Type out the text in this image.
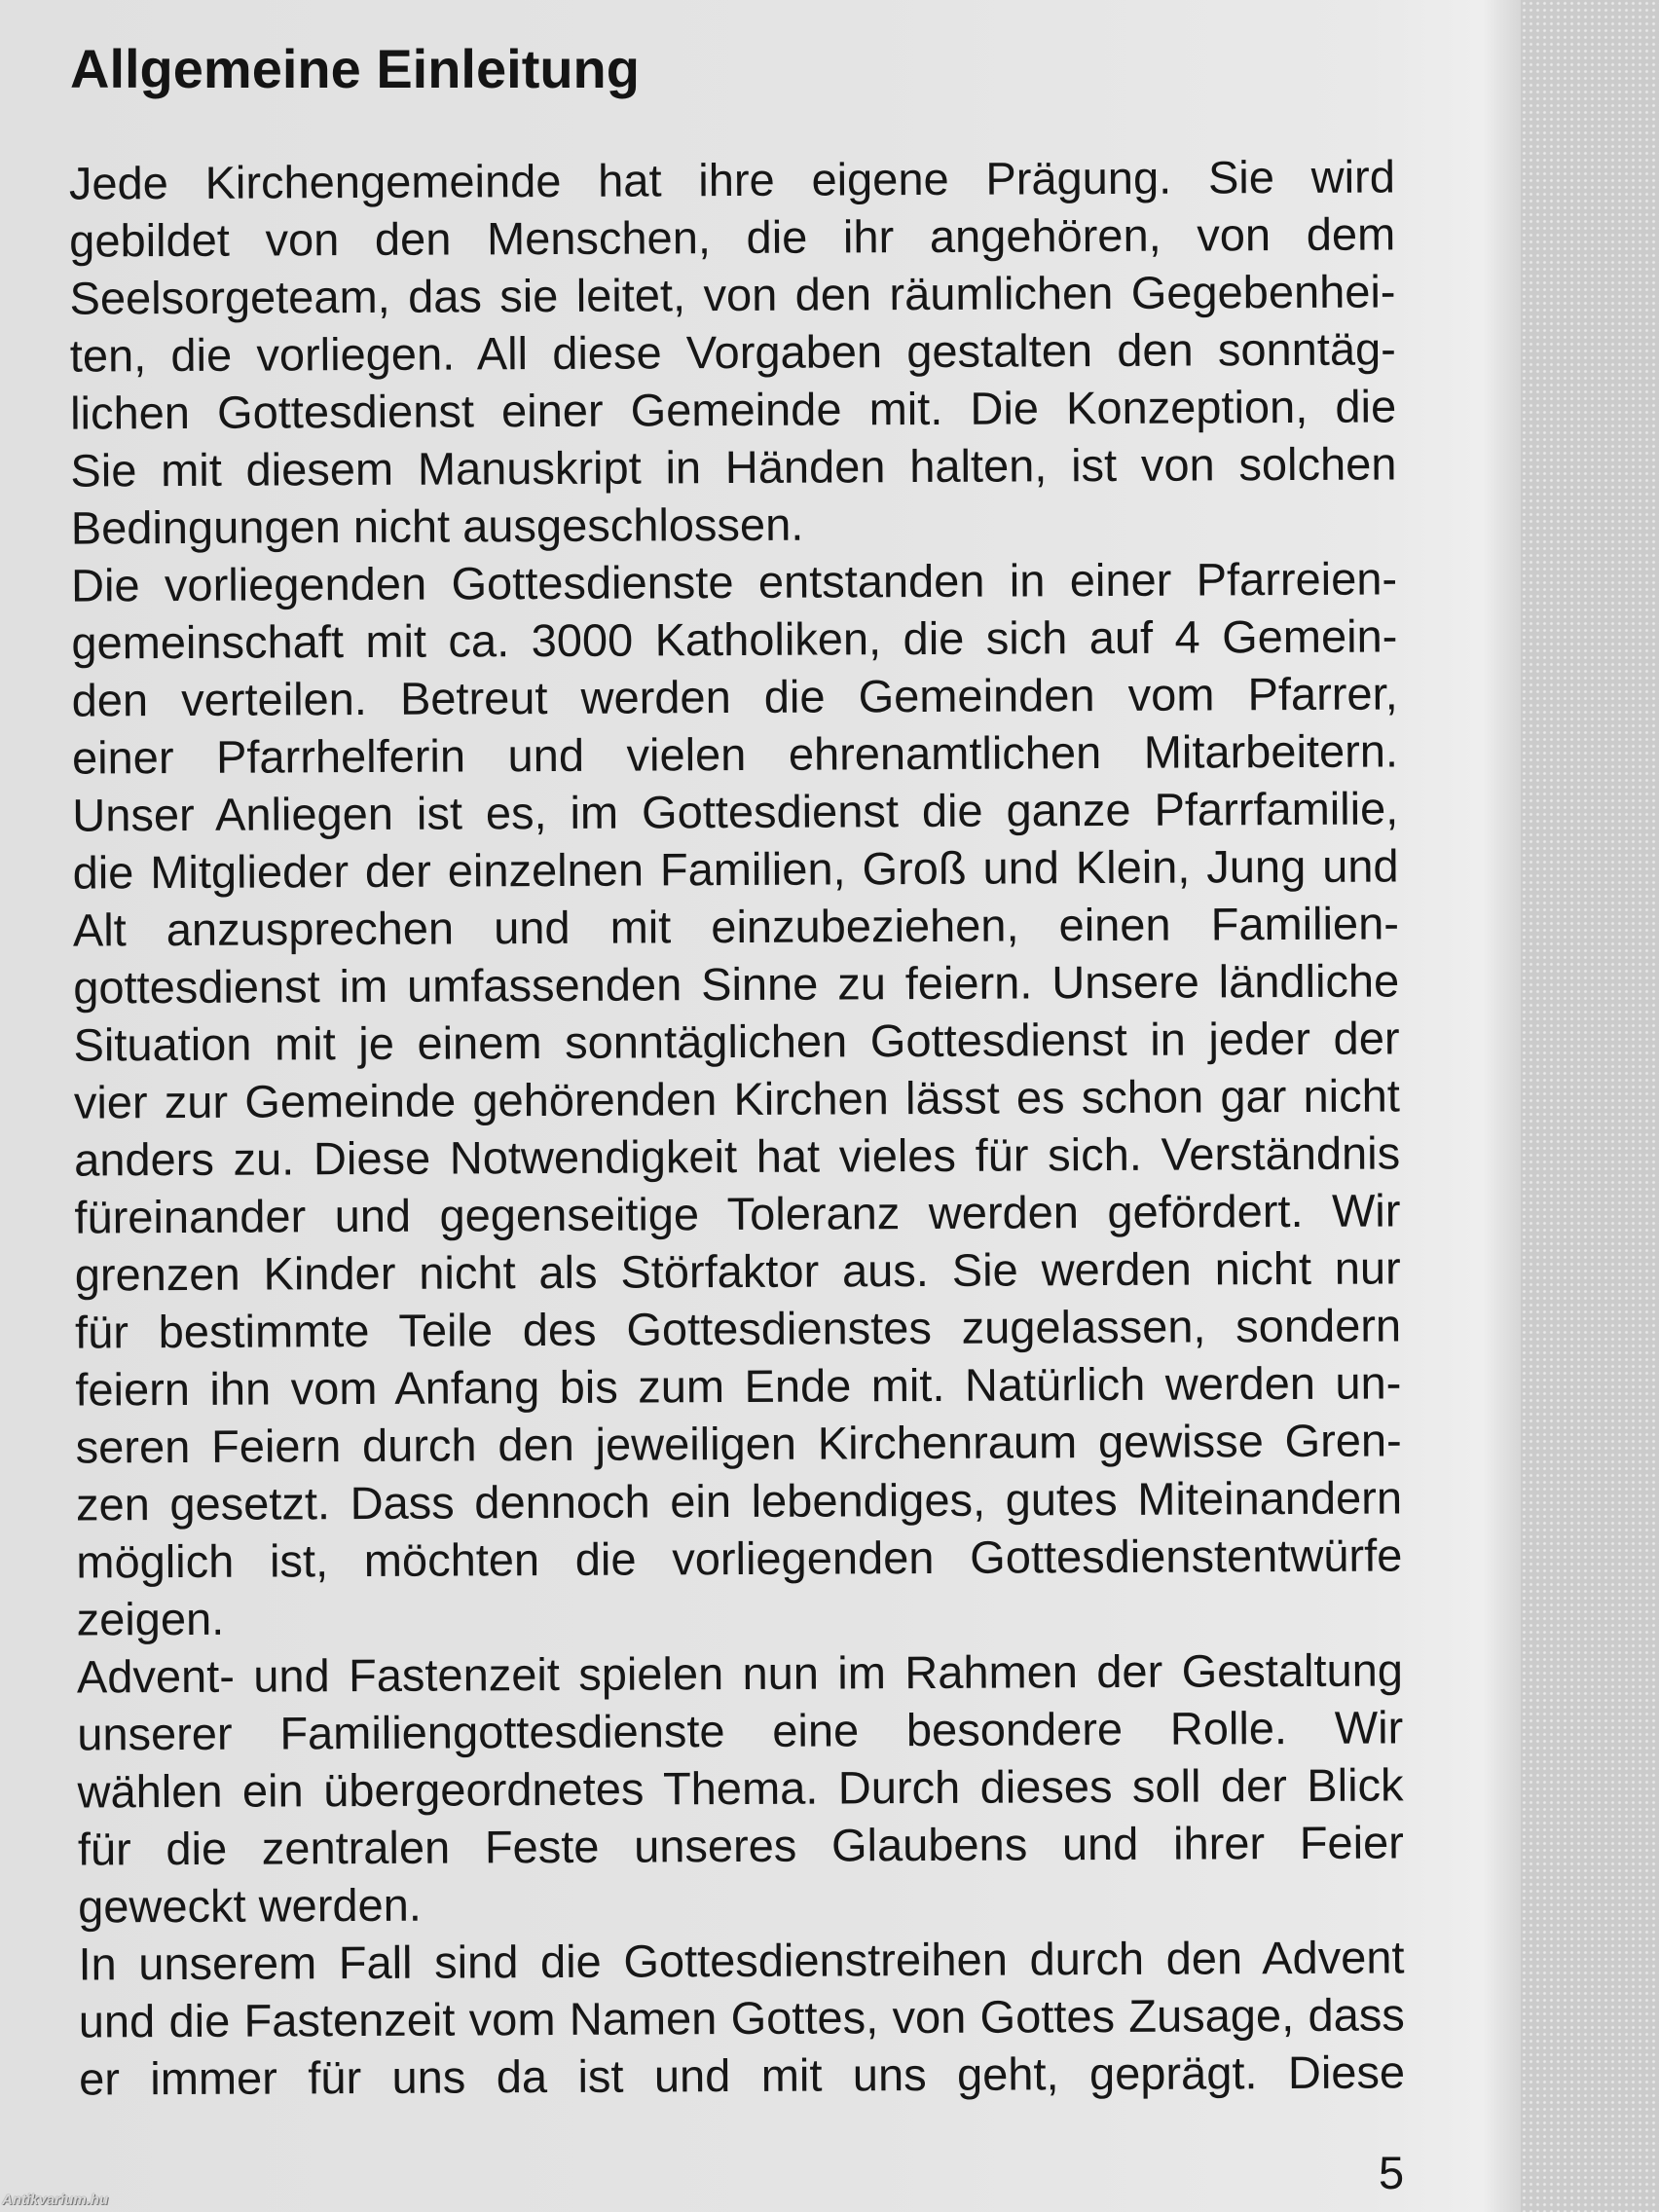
Allgemeine Einleitung
Jede Kirchengemeinde hat ihre eigene Prägung. Sie wird
gebildet von den Menschen, die ihr angehören, von dem
Seelsorgeteam, das sie leitet, von den räumlichen Gegebenhei-
ten, die vorliegen. All diese Vorgaben gestalten den sonntäg-
lichen Gottesdienst einer Gemeinde mit. Die Konzeption, die
Sie mit diesem Manuskript in Händen halten, ist von solchen
Bedingungen nicht ausgeschlossen.
Die vorliegenden Gottesdienste entstanden in einer Pfarreien-
gemeinschaft mit ca. 3000 Katholiken, die sich auf 4 Gemein-
den verteilen. Betreut werden die Gemeinden vom Pfarrer,
einer Pfarrhelferin und vielen ehrenamtlichen Mitarbeitern.
Unser Anliegen ist es, im Gottesdienst die ganze Pfarrfamilie,
die Mitglieder der einzelnen Familien, Groß und Klein, Jung und
Alt anzusprechen und mit einzubeziehen, einen Familien-
gottesdienst im umfassenden Sinne zu feiern. Unsere ländliche
Situation mit je einem sonntäglichen Gottesdienst in jeder der
vier zur Gemeinde gehörenden Kirchen lässt es schon gar nicht
anders zu. Diese Notwendigkeit hat vieles für sich. Verständnis
füreinander und gegenseitige Toleranz werden gefördert. Wir
grenzen Kinder nicht als Störfaktor aus. Sie werden nicht nur
für bestimmte Teile des Gottesdienstes zugelassen, sondern
feiern ihn vom Anfang bis zum Ende mit. Natürlich werden un-
seren Feiern durch den jeweiligen Kirchenraum gewisse Gren-
zen gesetzt. Dass dennoch ein lebendiges, gutes Miteinandern
möglich ist, möchten die vorliegenden Gottesdienstentwürfe
zeigen.
Advent- und Fastenzeit spielen nun im Rahmen der Gestaltung
unserer Familiengottesdienste eine besondere Rolle. Wir
wählen ein übergeordnetes Thema. Durch dieses soll der Blick
für die zentralen Feste unseres Glaubens und ihrer Feier
geweckt werden.
In unserem Fall sind die Gottesdienstreihen durch den Advent
und die Fastenzeit vom Namen Gottes, von Gottes Zusage, dass
er immer für uns da ist und mit uns geht, geprägt. Diese
5
Antikvarium.hu
